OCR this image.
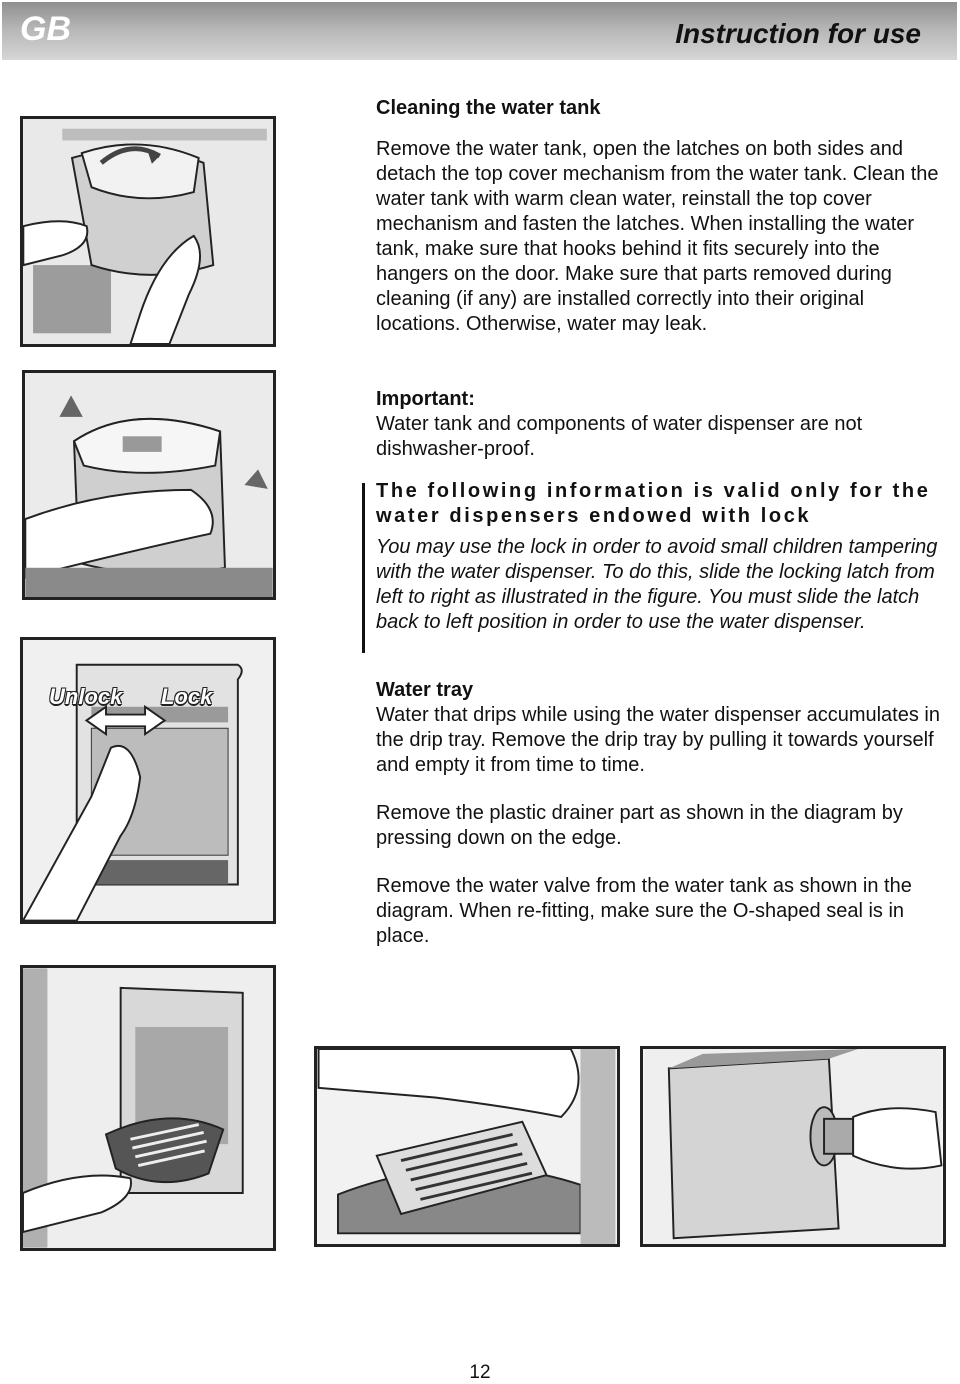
GB	Instruction for use
Unlock Lock
Cleaning the water tank
Remove the water tank, open the latches on both sides and detach the top cover mechanism from the water tank. Clean the water tank with warm clean water, reinstall the top cover mechanism and fasten the latches. When installing the water tank, make sure that hooks behind it fits securely into the hangers on the door. Make sure that parts removed during cleaning (if any) are installed correctly into their original locations. Otherwise, water may leak.
Important:
Water tank and components of water dispenser are not dishwasher-proof.
The following information is valid only for the water dispensers endowed with lock
You may use the lock in order to avoid small children tampering with the water dispenser. To do this, slide the locking latch from left to right as illustrated in the figure. You must slide the latch back to left position in order to use the water dispenser.
Water tray
Water that drips while using the water dispenser accumulates in the drip tray. Remove the drip tray by pulling it towards yourself and empty it from time to time.
Remove the plastic drainer part as shown in the diagram by pressing down on the edge.
Remove the water valve from the water tank as shown in the diagram. When re-fitting, make sure the O-shaped seal is in place.
12
